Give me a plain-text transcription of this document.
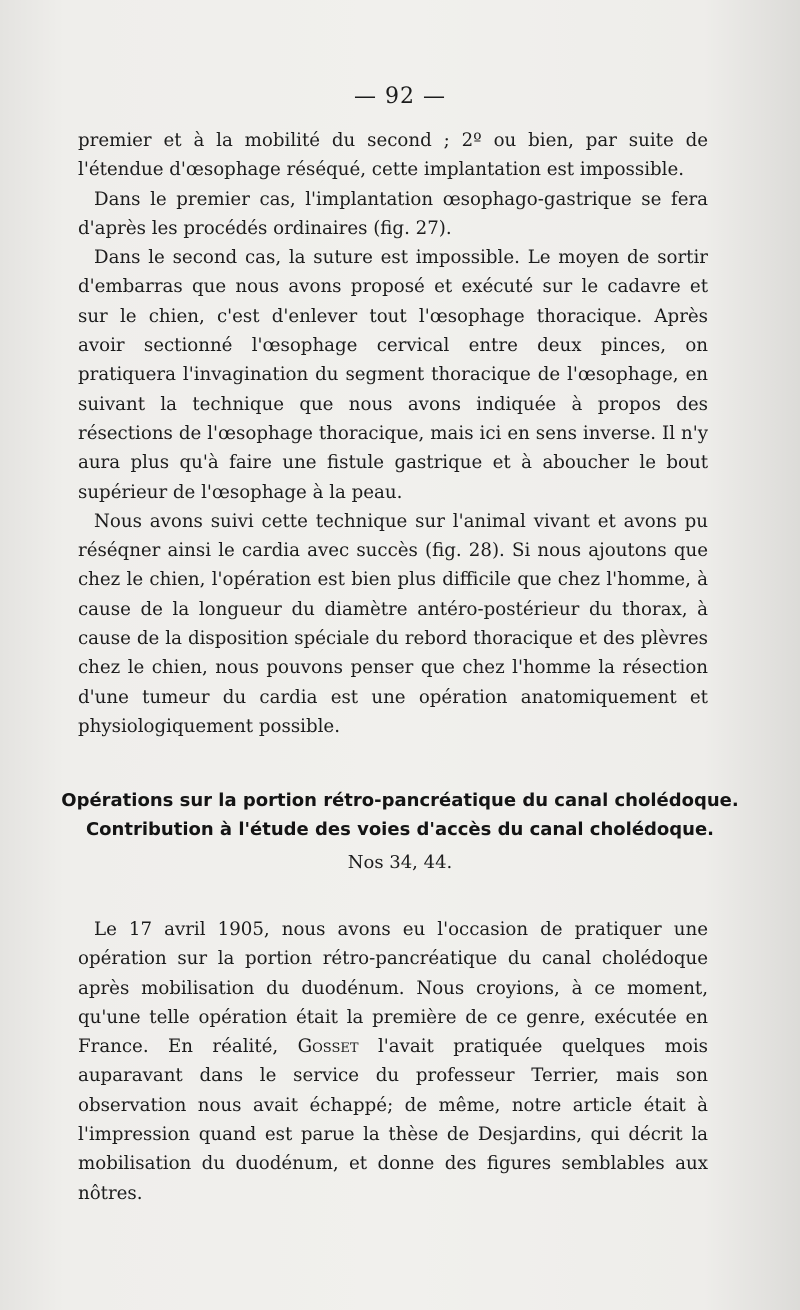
— 92 —

premier et à la mobilité du second ; 2º ou bien, par suite de l'étendue d'œsophage réséqué, cette implantation est impossible.

Dans le premier cas, l'implantation œsophago-gastrique se fera d'après les procédés ordinaires (fig. 27).

Dans le second cas, la suture est impossible. Le moyen de sortir d'embarras que nous avons proposé et exécuté sur le cadavre et sur le chien, c'est d'enlever tout l'œsophage thoracique. Après avoir sectionné l'œsophage cervical entre deux pinces, on pratiquera l'invagination du segment thoracique de l'œsophage, en suivant la technique que nous avons indiquée à propos des résections de l'œsophage thoracique, mais ici en sens inverse. Il n'y aura plus qu'à faire une fistule gastrique et à aboucher le bout supérieur de l'œsophage à la peau.

Nous avons suivi cette technique sur l'animal vivant et avons pu réséqner ainsi le cardia avec succès (fig. 28). Si nous ajoutons que chez le chien, l'opération est bien plus difficile que chez l'homme, à cause de la longueur du diamètre antéro-postérieur du thorax, à cause de la disposition spéciale du rebord thoracique et des plèvres chez le chien, nous pouvons penser que chez l'homme la résection d'une tumeur du cardia est une opération anatomiquement et physiologiquement possible.

Opérations sur la portion rétro-pancréatique du canal cholédoque.
Contribution à l'étude des voies d'accès du canal cholédoque.
Nos 34, 44.

Le 17 avril 1905, nous avons eu l'occasion de pratiquer une opération sur la portion rétro-pancréatique du canal cholédoque après mobilisation du duodénum. Nous croyions, à ce moment, qu'une telle opération était la première de ce genre, exécutée en France. En réalité, Gosset l'avait pratiquée quelques mois auparavant dans le service du professeur Terrier, mais son observation nous avait échappé; de même, notre article était à l'impression quand est parue la thèse de Desjardins, qui décrit la mobilisation du duodénum, et donne des figures semblables aux nôtres.
